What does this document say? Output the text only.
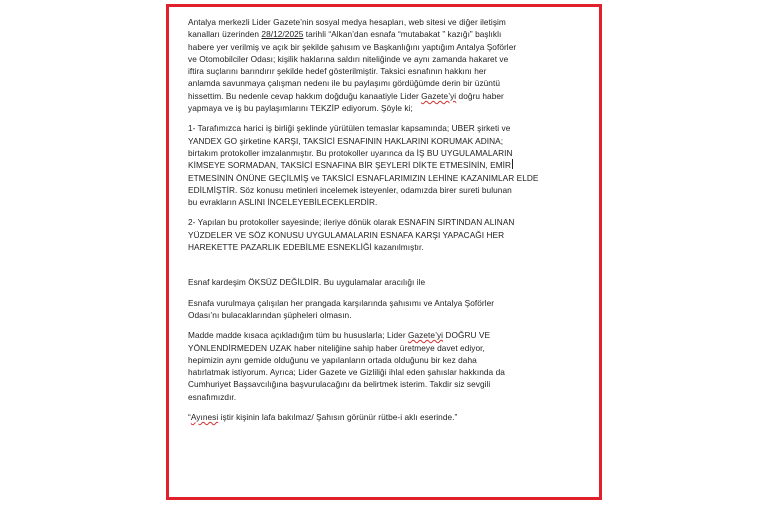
Antalya merkezli Lider Gazete’nin sosyal medya hesapları, web sitesi ve diğer iletişim

kanalları üzerinden 28/12/2025 tarihli “Alkan’dan esnafa “mutabakat ” kazığı” başlıklı

habere yer verilmiş ve açık bir şekilde şahısım ve Başkanlığını yaptığım Antalya Şoförler

ve Otomobilciler Odası; kişilik haklarına saldırı niteliğinde ve aynı zamanda hakaret ve

iftira suçlarını barındırır şekilde hedef gösterilmiştir. Taksici esnafının hakkını her

anlamda savunmaya çalışman nedenı ile bu paylaşımı gördüğümde derin bir üzüntü

hissettim. Bu nedenle cevap hakkım doğduğu kanaatiyle Lider Gazete’yi doğru haber

yapmaya ve iş bu paylaşımlarını TEKZİP ediyorum. Şöyle ki;

1- Tarafımızca harici iş birliği şeklinde yürütülen temaslar kapsamında; UBER şirketi ve

YANDEX GO şirketine KARŞI, TAKSİCİ ESNAFININ HAKLARINI KORUMAK ADINA;

birtakım protokoller imzalanmıştır. Bu protokoller uyarınca da İŞ BU UYGULAMALARIN

KİMSEYE SORMADAN, TAKSİCİ ESNAFINA BİR ŞEYLERİ DİKTE ETMESİNİN, EMİR

ETMESİNİN ÖNÜNE GEÇİLMİŞ ve TAKSİCİ ESNAFLARIMIZIN LEHİNE KAZANIMLAR ELDE

EDİLMİŞTİR. Söz konusu metinleri incelemek isteyenler, odamızda birer sureti bulunan

bu evrakların ASLINI İNCELEYEBİLECEKLERDİR.

2- Yapılan bu protokoller sayesinde; ileriye dönük olarak ESNAFIN SIRTINDAN ALINAN

YÜZDELER VE SÖZ KONUSU UYGULAMALARIN ESNAFA KARŞI YAPACAĞI HER

HAREKETTE PAZARLIK EDEBİLME ESNEKLİĞİ kazanılmıştır.

Esnaf kardeşim ÖKSÜZ DEĞİLDİR. Bu uygulamalar aracılığı ile

Esnafa vurulmaya çalışılan her prangada karşılarında şahısımı ve Antalya Şoförler

Odası’nı bulacaklarından şüpheleri olmasın.

Madde madde kısaca açıkladığım tüm bu hususlarla; Lider Gazete’yi DOĞRU VE

YÖNLENDİRMEDEN UZAK haber niteliğine sahip haber üretmeye davet ediyor,

hepimizin aynı gemide olduğunu ve yapılanların ortada olduğunu bir kez daha

hatırlatmak istiyorum. Ayrıca; Lider Gazete ve Gizliliği ihlal eden şahıslar hakkında da

Cumhuriyet Başsavcılığına başvurulacağını da belirtmek isterim. Takdir siz sevgili

esnafımızdır.

“Ayınesi iştir kişinin lafa bakılmaz/ Şahısın görünür rütbe-i aklı eserinde.”
